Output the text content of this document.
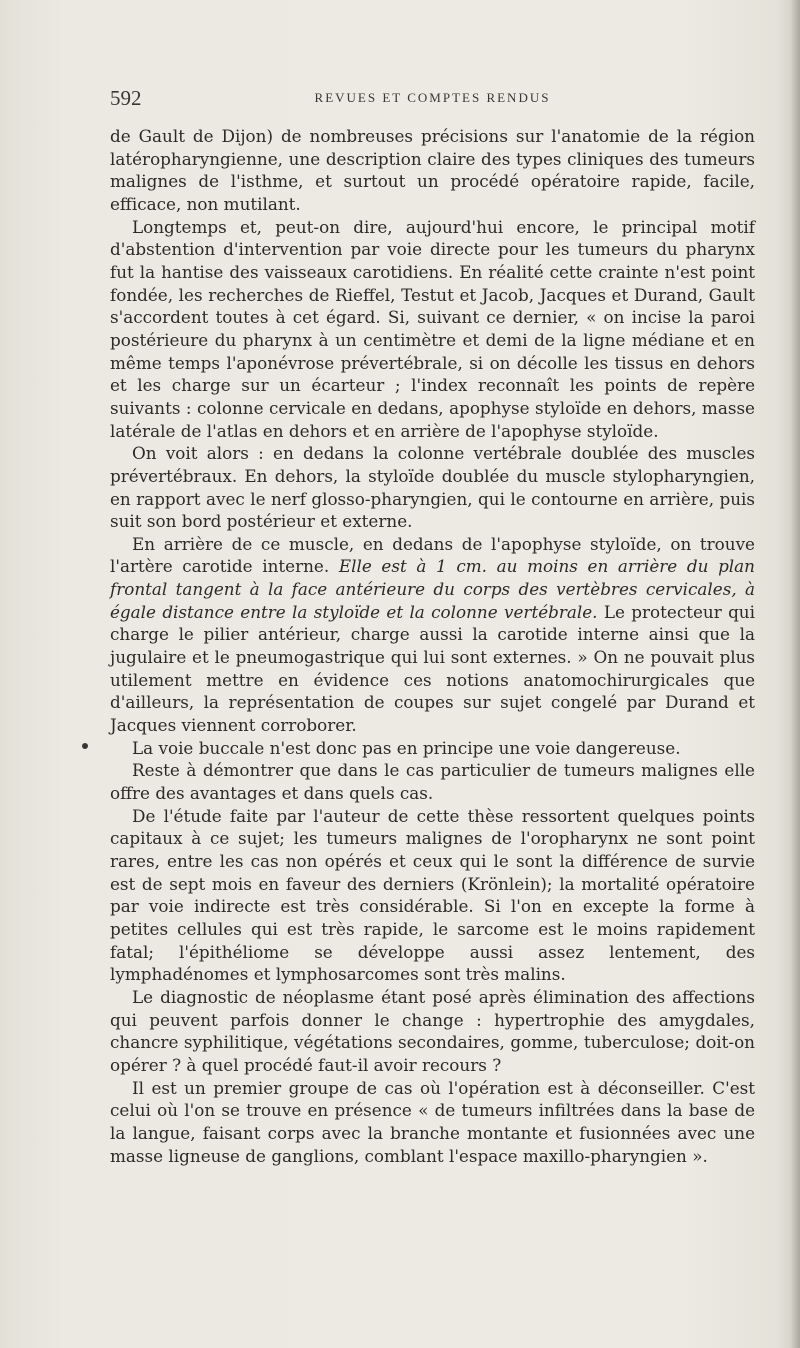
592	REVUES ET COMPTES RENDUS

de Gault de Dijon) de nombreuses précisions sur l'anatomie de la région latéropharyngienne, une description claire des types cliniques des tumeurs malignes de l'isthme, et surtout un procédé opératoire rapide, facile, efficace, non mutilant.

Longtemps et, peut-on dire, aujourd'hui encore, le principal motif d'abstention d'intervention par voie directe pour les tumeurs du pharynx fut la hantise des vaisseaux carotidiens. En réalité cette crainte n'est point fondée, les recherches de Rieffel, Testut et Jacob, Jacques et Durand, Gault s'accordent toutes à cet égard. Si, suivant ce dernier, « on incise la paroi postérieure du pharynx à un centimètre et demi de la ligne médiane et en même temps l'aponévrose prévertébrale, si on décolle les tissus en dehors et les charge sur un écarteur ; l'index reconnaît les points de repère suivants : colonne cervicale en dedans, apophyse styloïde en dehors, masse latérale de l'atlas en dehors et en arrière de l'apophyse styloïde.

On voit alors : en dedans la colonne vertébrale doublée des muscles prévertébraux. En dehors, la styloïde doublée du muscle stylopharyngien, en rapport avec le nerf glosso-pharyngien, qui le contourne en arrière, puis suit son bord postérieur et externe.

En arrière de ce muscle, en dedans de l'apophyse styloïde, on trouve l'artère carotide interne. Elle est à 1 cm. au moins en arrière du plan frontal tangent à la face antérieure du corps des vertèbres cervicales, à égale distance entre la styloïde et la colonne vertébrale. Le protecteur qui charge le pilier antérieur, charge aussi la carotide interne ainsi que la jugulaire et le pneumogastrique qui lui sont externes. » On ne pouvait plus utilement mettre en évidence ces notions anatomochirurgicales que d'ailleurs, la représentation de coupes sur sujet congelé par Durand et Jacques viennent corroborer.

La voie buccale n'est donc pas en principe une voie dangereuse.

Reste à démontrer que dans le cas particulier de tumeurs malignes elle offre des avantages et dans quels cas.

De l'étude faite par l'auteur de cette thèse ressortent quelques points capitaux à ce sujet; les tumeurs malignes de l'oropharynx ne sont point rares, entre les cas non opérés et ceux qui le sont la différence de survie est de sept mois en faveur des derniers (Krönlein); la mortalité opératoire par voie indirecte est très considérable. Si l'on en excepte la forme à petites cellules qui est très rapide, le sarcome est le moins rapidement fatal; l'épithéliome se développe aussi assez lentement, des lymphadénomes et lymphosarcomes sont très malins.

Le diagnostic de néoplasme étant posé après élimination des affections qui peuvent parfois donner le change : hypertrophie des amygdales, chancre syphilitique, végétations secondaires, gomme, tuberculose; doit-on opérer ? à quel procédé faut-il avoir recours ?

Il est un premier groupe de cas où l'opération est à déconseiller. C'est celui où l'on se trouve en présence « de tumeurs infiltrées dans la base de la langue, faisant corps avec la branche montante et fusionnées avec une masse ligneuse de ganglions, comblant l'espace maxillo-pharyngien ».
